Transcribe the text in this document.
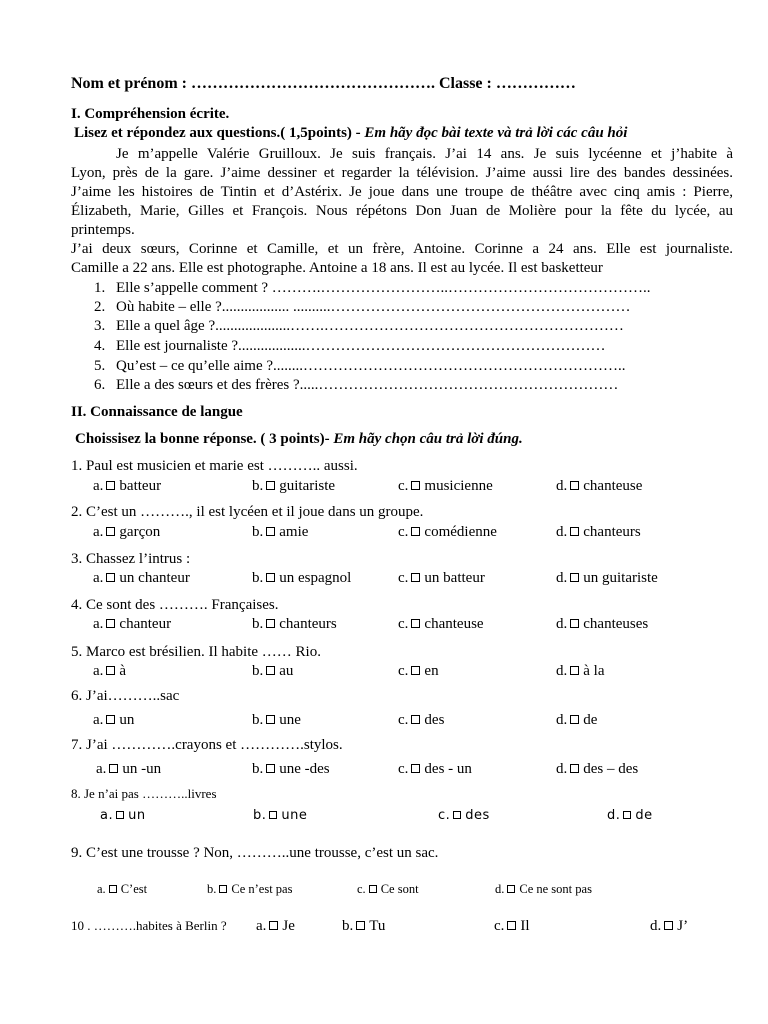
Nom et prénom : ………………………………………. Classe : ……………
I. Compréhension écrite.
Lisez et répondez aux questions.( 1,5points) - Em hãy đọc bài texte và trả lời các câu hỏi
Je m’appelle Valérie Gruilloux. Je suis français. J’ai 14 ans. Je suis lycéenne et j’habite à
Lyon, près de la gare. J’aime dessiner et regarder la télévision. J’aime aussi lire des bandes dessinées.
J’aime les histoires de Tintin et d’Astérix. Je joue dans une troupe de théâtre avec cinq amis : Pierre,
Élizabeth, Marie, Gilles et François. Nous répétons Don Juan de Molière pour la fête du lycée, au
printemps.
J’ai deux sœurs, Corinne et Camille, et un frère, Antoine. Corinne a 24 ans. Elle est journaliste.
Camille a 22 ans. Elle est photographe. Antoine a 18 ans. Il est au lycée. Il est basketteur
1. Elle s’appelle comment ? ……….……………………..…………………………………..
2. Où habite – elle ?.................. ..........……………………………………………………
3. Elle a quel âge ?....................…….……………………………………………………
4. Elle est journaliste ?..................……………………………………………………
5. Qu’est – ce qu’elle aime ?........………………………………………………………..
6. Elle a des sœurs et des frères ?.....……………………………………………………
II. Connaissance de langue
Choissisez la bonne réponse. ( 3 points)- Em hãy chọn câu trả lời đúng.
1. Paul est musicien et marie est ……….. aussi.
a. batteur	b. guitariste	c. musicienne	d. chanteuse
2. C’est un ………., il est lycéen et il joue dans un groupe.
a. garçon	b. amie	c. comédienne	d. chanteurs
3. Chassez l’intrus :
a. un chanteur	b. un espagnol	c. un batteur	d. un guitariste
4. Ce sont des ………. Françaises.
a. chanteur	b. chanteurs	c. chanteuse	d. chanteuses
5. Marco est brésilien. Il habite …… Rio.
a. à	b. au	c. en	d. à la
6. J’ai………..sac
a. un	b. une	c. des	d. de
7. J’ai ………….crayons et ………….stylos.
a. un -un	b. une -des	c. des - un	d. des – des
8. Je n’ai pas ………..livres
a. un	b. une	c. des	d. de
9. C’est une trousse ? Non, ………..une trousse, c’est un sac.
a. C’est	b. Ce n’est pas	c. Ce sont	d. Ce ne sont pas
10 . ……….habites à Berlin ? a. Je	b. Tu	c. Il	d. J’
